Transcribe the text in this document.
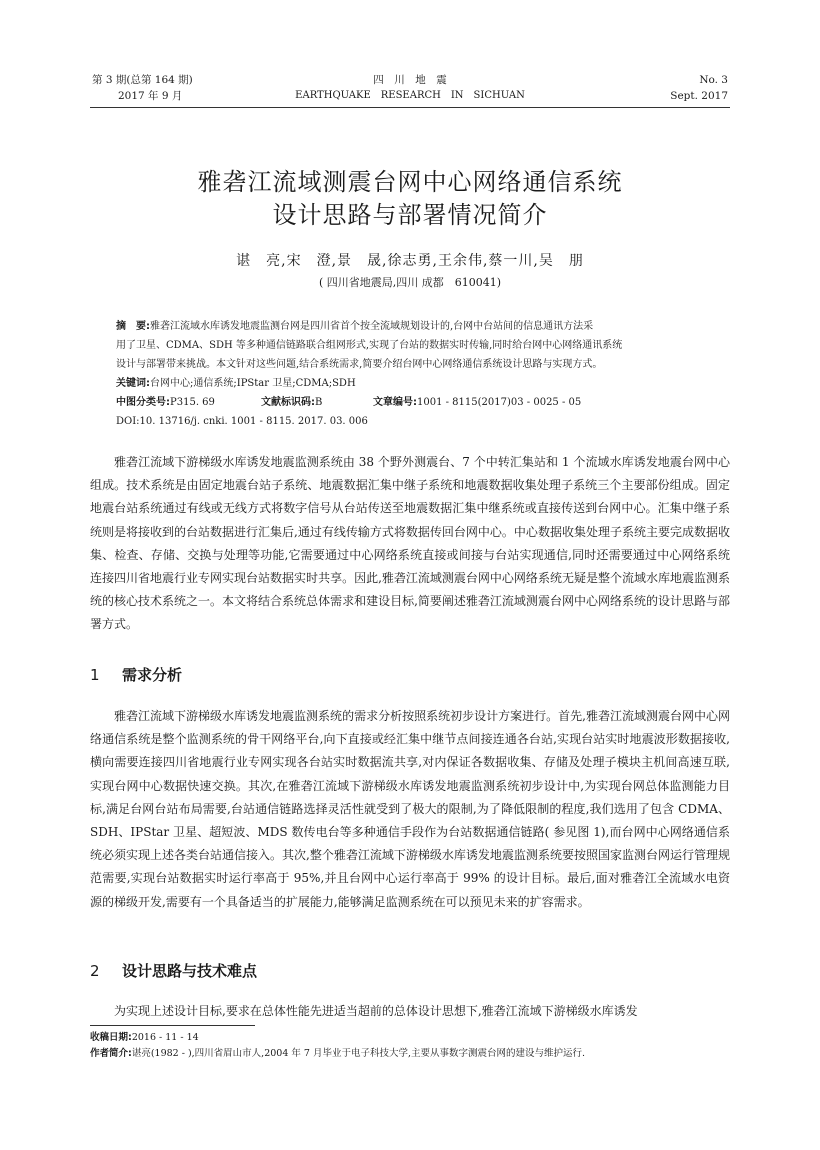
第 3 期(总第 164 期)
2017 年 9 月
四　川　地　震
EARTHQUAKE　RESEARCH　IN　SICHUAN
No. 3
Sept. 2017
雅砻江流域测震台网中心网络通信系统
设计思路与部署情况简介
谌　亮,宋　澄,景　晟,徐志勇,王余伟,蔡一川,吴　朋
( 四川省地震局,四川 成都　610041)
摘　要:雅砻江流域水库诱发地震监测台网是四川省首个按全流域规划设计的,台网中台站间的信息通讯方法采
用了卫星、CDMA、SDH 等多种通信链路联合组网形式,实现了台站的数据实时传输,同时给台网中心网络通讯系统
设计与部署带来挑战。本文针对这些问题,结合系统需求,简要介绍台网中心网络通信系统设计思路与实现方式。
关键词:台网中心;通信系统;IPStar 卫星;CDMA;SDH
中图分类号:P315. 69	文献标识码:B	文章编号:1001 - 8115(2017)03 - 0025 - 05
DOI:10. 13716/j. cnki. 1001 - 8115. 2017. 03. 006

雅砻江流域下游梯级水库诱发地震监测系统由 38 个野外测震台、7 个中转汇集站和 1 个流域水库诱发地震台网中心组成。技术系统是由固定地震台站子系统、地震数据汇集中继子系统和地震数据收集处理子系统三个主要部份组成。固定地震台站系统通过有线或无线方式将数字信号从台站传送至地震数据汇集中继系统或直接传送到台网中心。汇集中继子系统则是将接收到的台站数据进行汇集后,通过有线传输方式将数据传回台网中心。中心数据收集处理子系统主要完成数据收集、检查、存储、交换与处理等功能,它需要通过中心网络系统直接或间接与台站实现通信,同时还需要通过中心网络系统连接四川省地震行业专网实现台站数据实时共享。因此,雅砻江流域测震台网中心网络系统无疑是整个流域水库地震监测系统的核心技术系统之一。本文将结合系统总体需求和建设目标,简要阐述雅砻江流域测震台网中心网络系统的设计思路与部署方式。

1 需求分析

雅砻江流域下游梯级水库诱发地震监测系统的需求分析按照系统初步设计方案进行。首先,雅砻江流域测震台网中心网络通信系统是整个监测系统的骨干网络平台,向下直接或经汇集中继节点间接连通各台站,实现台站实时地震波形数据接收,横向需要连接四川省地震行业专网实现各台站实时数据流共享,对内保证各数据收集、存储及处理子模块主机间高速互联,实现台网中心数据快速交换。其次,在雅砻江流域下游梯级水库诱发地震监测系统初步设计中,为实现台网总体监测能力目标,满足台网台站布局需要,台站通信链路选择灵活性就受到了极大的限制,为了降低限制的程度,我们选用了包含 CDMA、SDH、IPStar 卫星、超短波、MDS 数传电台等多种通信手段作为台站数据通信链路( 参见图 1),而台网中心网络通信系统必须实现上述各类台站通信接入。其次,整个雅砻江流域下游梯级水库诱发地震监测系统要按照国家监测台网运行管理规范需要,实现台站数据实时运行率高于 95%,并且台网中心运行率高于 99% 的设计目标。最后,面对雅砻江全流域水电资源的梯级开发,需要有一个具备适当的扩展能力,能够满足监测系统在可以预见未来的扩容需求。

2 设计思路与技术难点

为实现上述设计目标,要求在总体性能先进适当超前的总体设计思想下,雅砻江流域下游梯级水库诱发

收稿日期:2016 - 11 - 14
作者简介:谌亮(1982 - ),四川省眉山市人,2004 年 7 月毕业于电子科技大学,主要从事数字测震台网的建设与维护运行.
